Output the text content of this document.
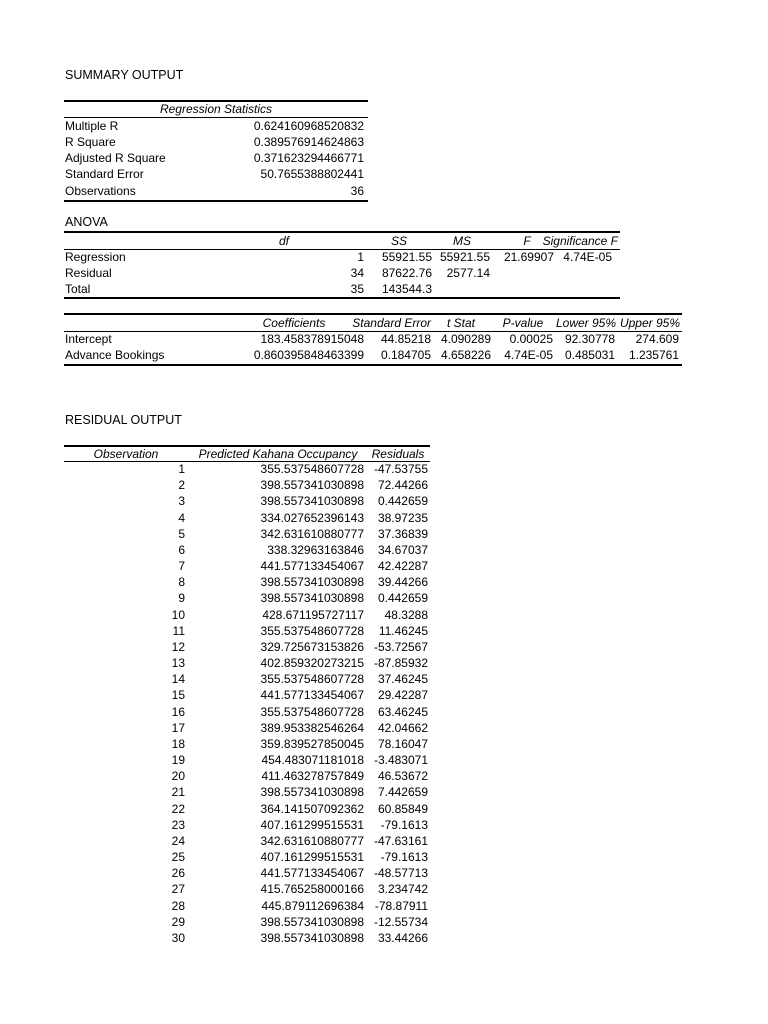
SUMMARY OUTPUT
Regression Statistics
Multiple R	0.624160968520832
R Square	0.389576914624863
Adjusted R Square	0.371623294466771
Standard Error	50.7655388802441
Observations	36
ANOVA
df	SS	MS	F Significance F
Regression	1	55921.55 55921.55	21.69907 4.74E-05
Residual	34	87622.76	2577.14
Total	35	143544.3
Coefficients	Standard Error	t Stat	P-value	Lower 95% Upper 95%
Intercept	183.458378915048	44.85218 4.090289	0.00025 92.30778	274.609
Advance Bookings	0.860395848463399	0.184705 4.658226	4.74E-05 0.485031	1.235761
RESIDUAL OUTPUT
Observation	Predicted Kahana Occupancy	Residuals
1	355.537548607728 -47.53755
2	398.557341030898	72.44266
3	398.557341030898	0.442659
4	334.027652396143	38.97235
5	342.631610880777	37.36839
6	338.32963163846	34.67037
7	441.577133454067	42.42287
8	398.557341030898	39.44266
9	398.557341030898	0.442659
10	428.671195727117	48.3288
11	355.537548607728	11.46245
12	329.725673153826 -53.72567
13	402.859320273215 -87.85932
14	355.537548607728	37.46245
15	441.577133454067	29.42287
16	355.537548607728	63.46245
17	389.953382546264	42.04662
18	359.839527850045	78.16047
19	454.483071181018 -3.483071
20	411.463278757849	46.53672
21	398.557341030898	7.442659
22	364.141507092362	60.85849
23	407.161299515531	-79.1613
24	342.631610880777 -47.63161
25	407.161299515531	-79.1613
26	441.577133454067 -48.57713
27	415.765258000166	3.234742
28	445.879112696384 -78.87911
29	398.557341030898 -12.55734
30	398.557341030898	33.44266
